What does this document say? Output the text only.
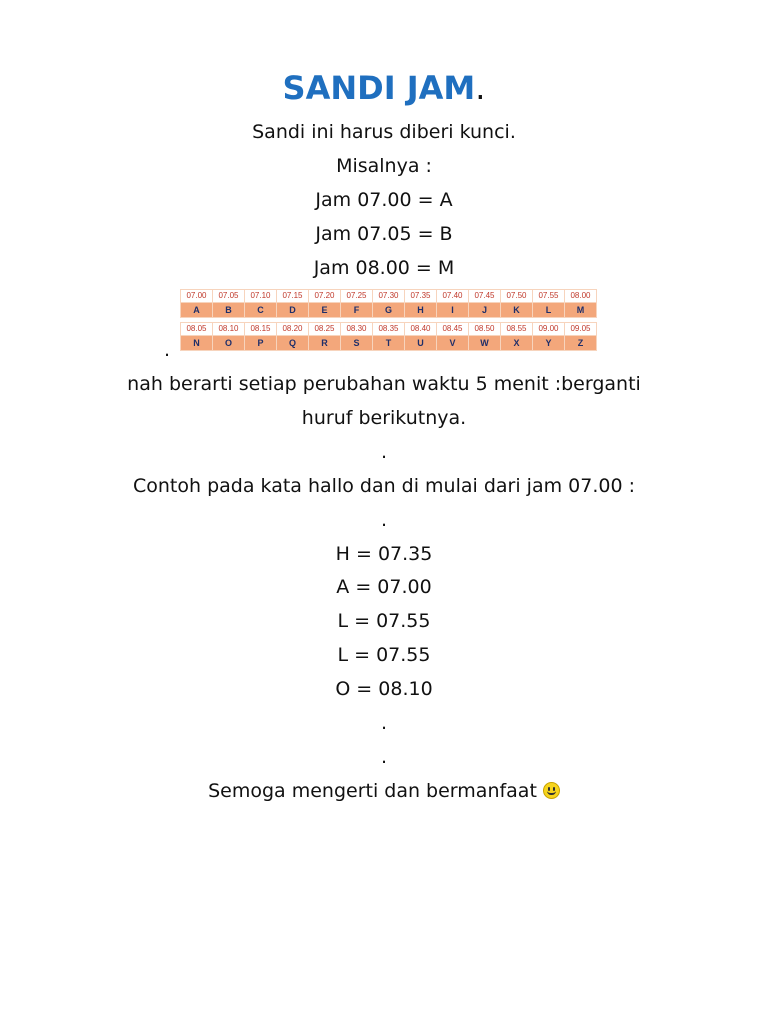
SANDI JAM.
Sandi ini harus diberi kunci.
Misalnya :
Jam 07.00 = A
Jam 07.05 = B
Jam 08.00 = M
07.00	07.05	07.10	07.15	07.20	07.25	07.30	07.35	07.40	07.45	07.50	07.55	08.00
A	B	C	D	E	F	G	H	I	J	K	L	M
08.05	08.10	08.15	08.20	08.25	08.30	08.35	08.40	08.45	08.50	08.55	09.00	09.05
N	O	P	Q	R	S	T	U	V	W	X	Y	Z
.
nah berarti setiap perubahan waktu 5 menit :berganti
huruf berikutnya.
.
Contoh pada kata hallo dan di mulai dari jam 07.00 :
.
H = 07.35
A = 07.00
L = 07.55
L = 07.55
O = 08.10
.
.
Semoga mengerti dan bermanfaat
